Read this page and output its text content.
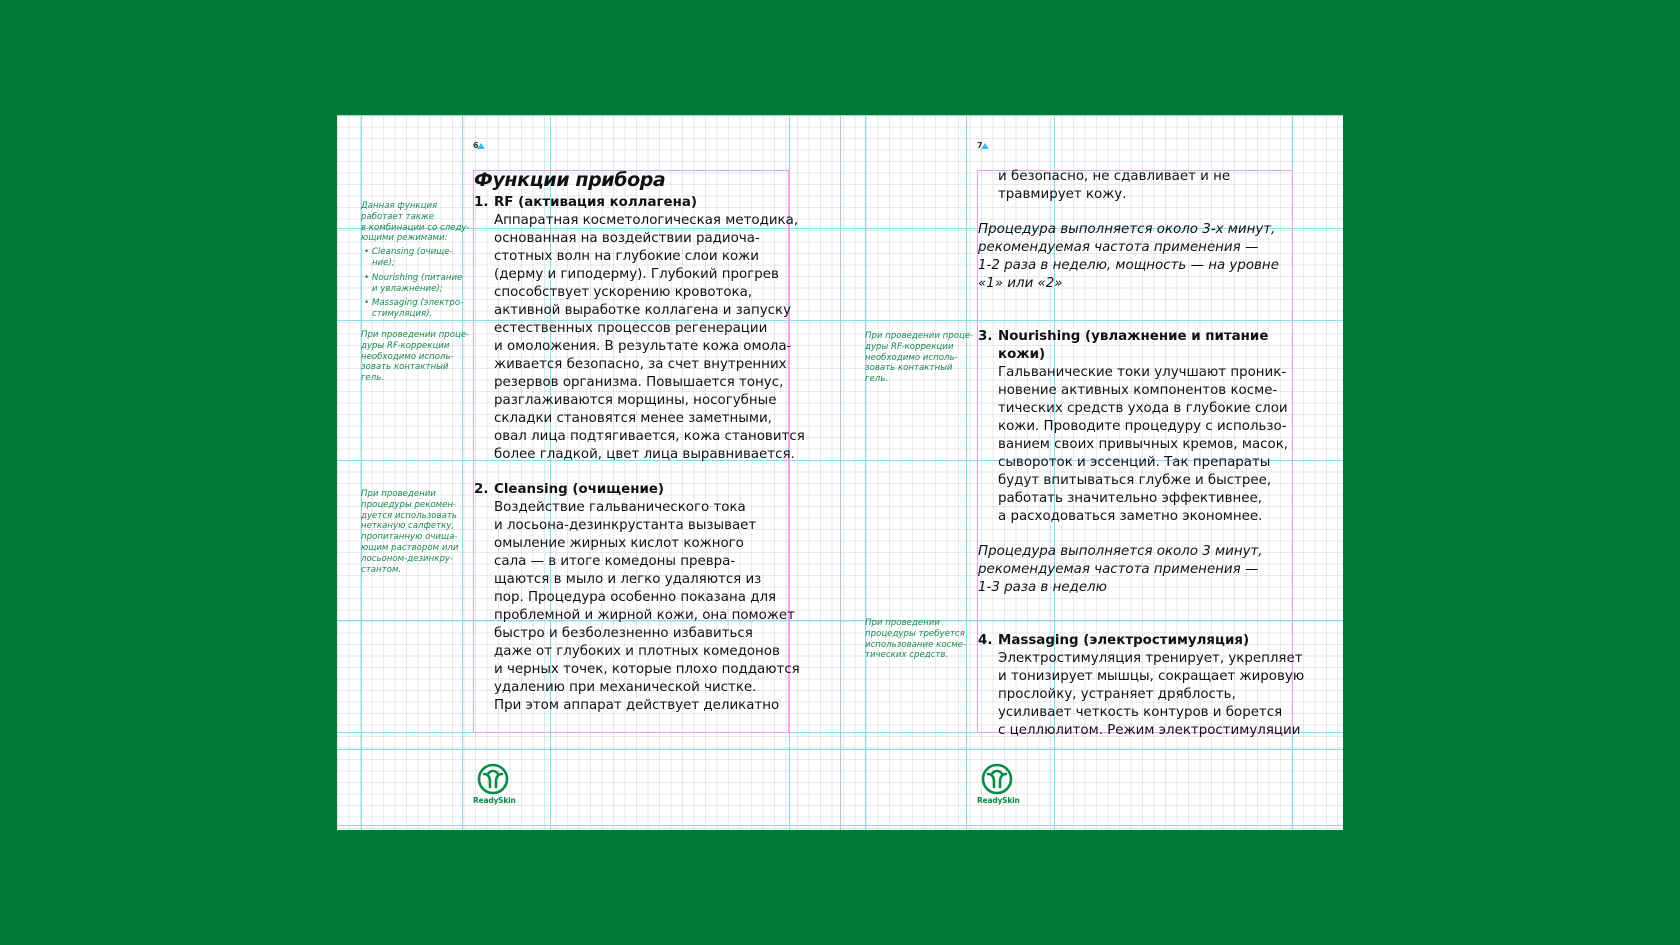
6

Данная функция
работает также
в комбинации со следу-
ющими режимами:

• Cleansing (очище-
ние);
• Nourishing (питание
и увлажнение);
• Massaging (электро-
стимуляция).

При проведении проце-
дуры RF-коррекции
необходимо исполь-
зовать контактный
гель.

При проведении
процедуры рекомен-
дуется использовать
нетканую салфетку,
пропитанную очища-
ющим раствором или
лосьоном-дезинкру-
стантом.
Функции прибора
1. RF (активация коллагена)
Аппаратная косметологическая методика,
основанная на воздействии радиоча-
стотных волн на глубокие слои кожи
(дерму и гиподерму). Глубокий прогрев
способствует ускорению кровотока,
активной выработке коллагена и запуску
естественных процессов регенерации
и омоложения. В результате кожа омола-
живается безопасно, за счет внутренних
резервов организма. Повышается тонус,
разглаживаются морщины, носогубные
складки становятся менее заметными,
овал лица подтягивается, кожа становится
более гладкой, цвет лица выравнивается.
2. Cleansing (очищение)
Воздействие гальванического тока
и лосьона-дезинкрустанта вызывает
омыление жирных кислот кожного
сала — в итоге комедоны превра-
щаются в мыло и легко удаляются из
пор. Процедура особенно показана для
проблемной и жирной кожи, она поможет
быстро и безболезненно избавиться
даже от глубоких и плотных комедонов
и черных точек, которые плохо поддаются
удалению при механической чистке.
При этом аппарат действует деликатно
ReadySkin
7
При проведении проце-
дуры RF-коррекции
необходимо исполь-
зовать контактный
гель.
При проведении
процедуры требуется
использование косме-
тических средств.
и безопасно, не сдавливает и не
травмирует кожу.
Процедура выполняется около 3-х минут,
рекомендуемая частота применения —
1-2 раза в неделю, мощность — на уровне
«1» или «2»
3. Nourishing (увлажнение и питание кожи)
Гальванические токи улучшают проник-
новение активных компонентов косме-
тических средств ухода в глубокие слои
кожи. Проводите процедуру с использо-
ванием своих привычных кремов, масок,
сывороток и эссенций. Так препараты
будут впитываться глубже и быстрее,
работать значительно эффективнее,
а расходоваться заметно экономнее.
Процедура выполняется около 3 минут,
рекомендуемая частота применения —
1-3 раза в неделю
4. Massaging (электростимуляция)
Электростимуляция тренирует, укрепляет
и тонизирует мышцы, сокращает жировую
прослойку, устраняет дряблость,
усиливает четкость контуров и борется
с целлюлитом. Режим электростимуляции
ReadySkin
